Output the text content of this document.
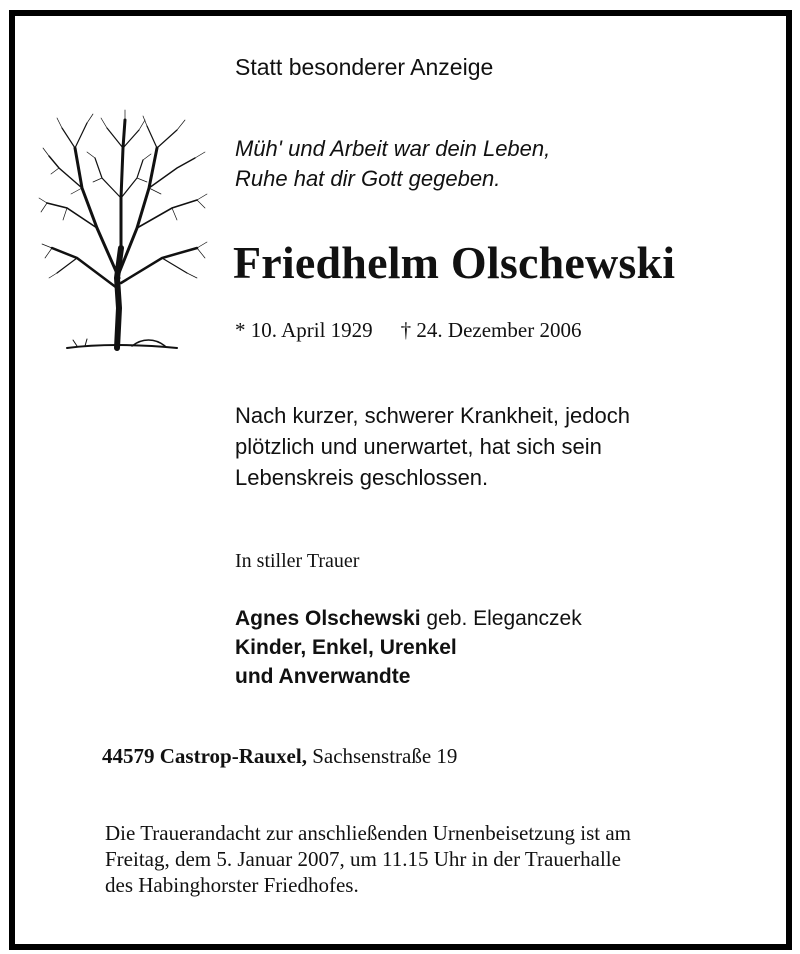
Statt besonderer Anzeige
Müh' und Arbeit war dein Leben,
Ruhe hat dir Gott gegeben.
Friedhelm Olschewski
* 10. April 1929 † 24. Dezember 2006
Nach kurzer, schwerer Krankheit, jedoch
plötzlich und unerwartet, hat sich sein
Lebenskreis geschlossen.
In stiller Trauer
Agnes Olschewski geb. Eleganczek
Kinder, Enkel, Urenkel
und Anverwandte
44579 Castrop-Rauxel, Sachsenstraße 19
Die Trauerandacht zur anschließenden Urnenbeisetzung ist am
Freitag, dem 5. Januar 2007, um 11.15 Uhr in der Trauerhalle
des Habinghorster Friedhofes.
